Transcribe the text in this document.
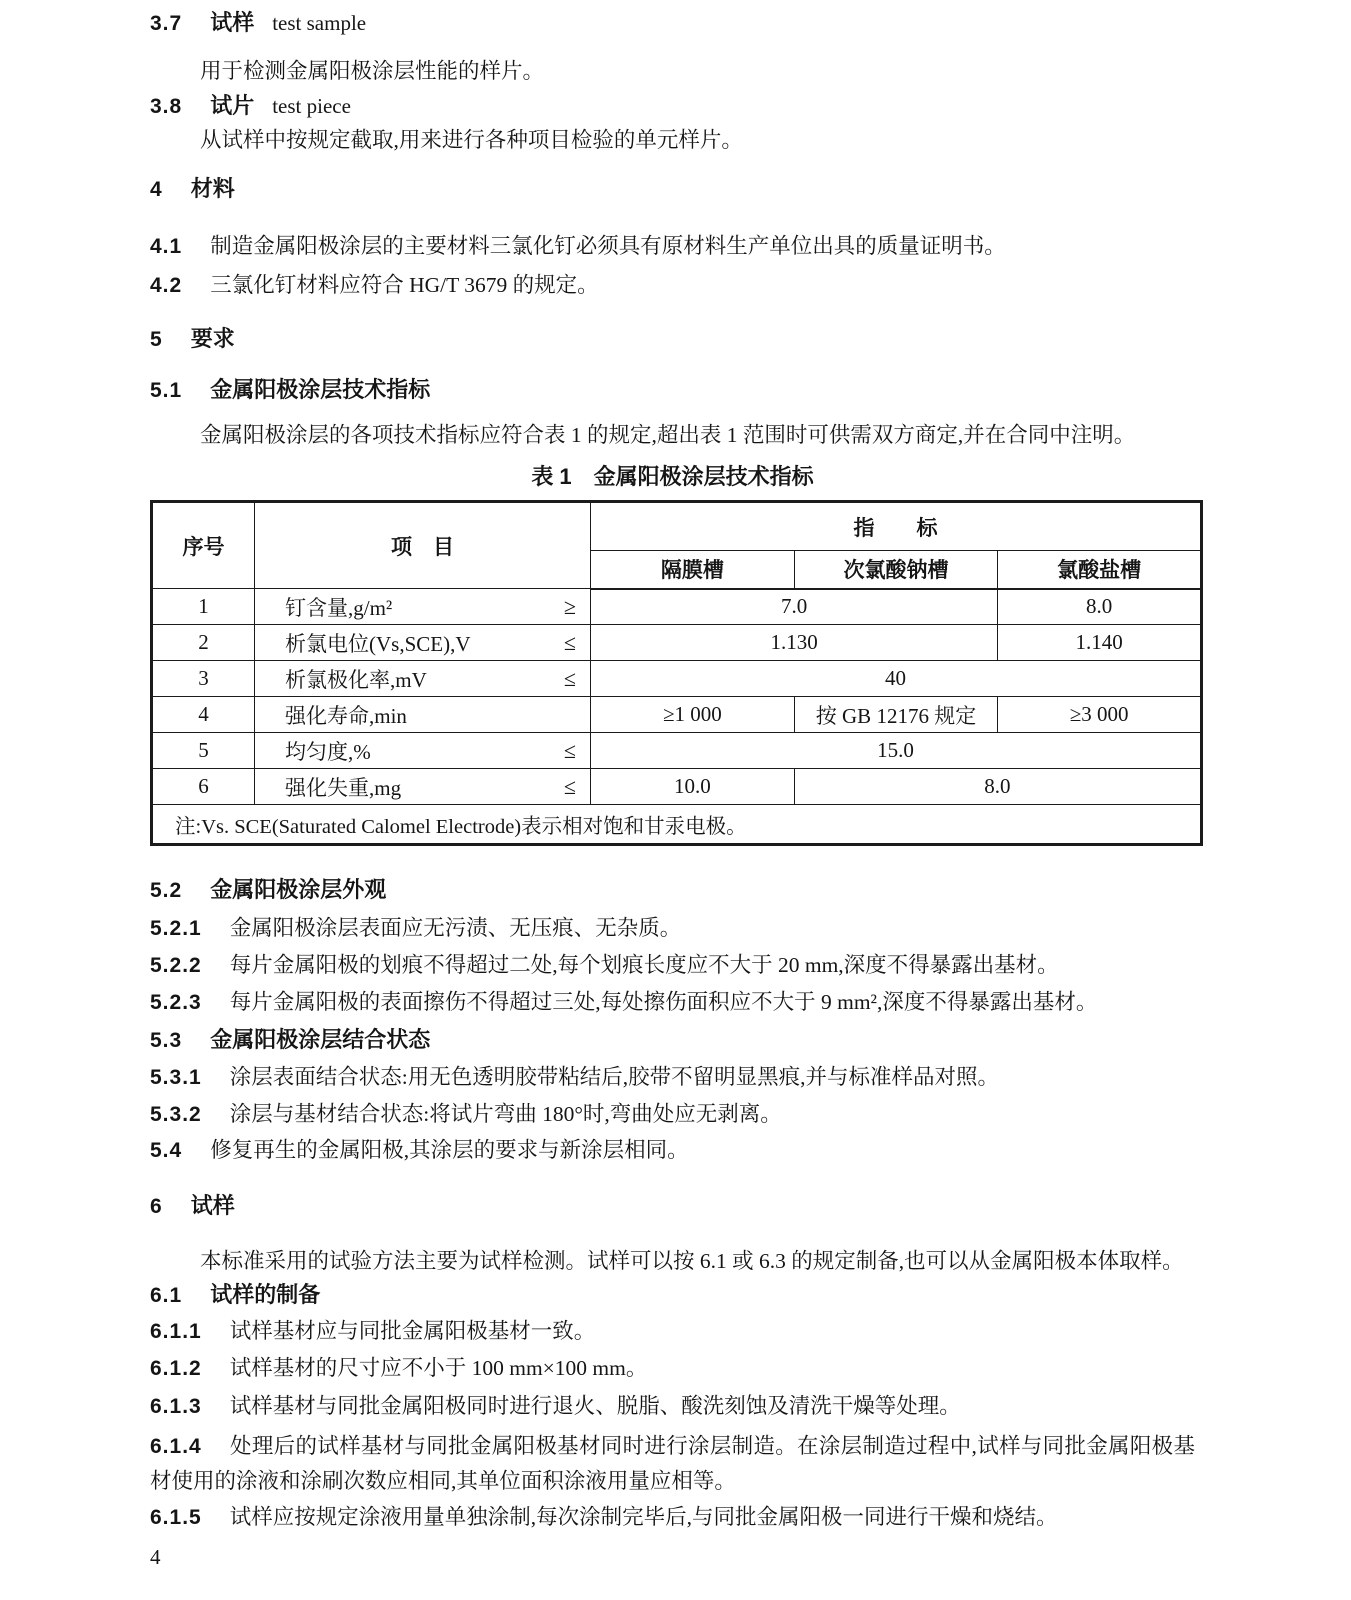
3.7 试样 test sample
用于检测金属阳极涂层性能的样片。
3.8 试片 test piece
从试样中按规定截取,用来进行各种项目检验的单元样片。
4 材料
4.1 制造金属阳极涂层的主要材料三氯化钉必须具有原材料生产单位出具的质量证明书。
4.2 三氯化钉材料应符合 HG/T 3679 的规定。
5 要求
5.1 金属阳极涂层技术指标
金属阳极涂层的各项技术指标应符合表 1 的规定,超出表 1 范围时可供需双方商定,并在合同中注明。
表 1　金属阳极涂层技术指标
序号	项　目	指　　标		
		隔膜槽	次氯酸钠槽	氯酸盐槽
1	钉含量,g/m² ≥	7.0		8.0
2	析氯电位(Vs,SCE),V ≤	1.130		1.140
3	析氯极化率,mV ≤	40		
4	强化寿命,min	≥1 000	按 GB 12176 规定	≥3 000
5	均匀度,% ≤	15.0		
6	强化失重,mg ≤	10.0	8.0	
注:Vs. SCE(Saturated Calomel Electrode)表示相对饱和甘汞电极。				
5.2 金属阳极涂层外观
5.2.1 金属阳极涂层表面应无污渍、无压痕、无杂质。
5.2.2 每片金属阳极的划痕不得超过二处,每个划痕长度应不大于 20 mm,深度不得暴露出基材。
5.2.3 每片金属阳极的表面擦伤不得超过三处,每处擦伤面积应不大于 9 mm²,深度不得暴露出基材。
5.3 金属阳极涂层结合状态
5.3.1 涂层表面结合状态:用无色透明胶带粘结后,胶带不留明显黑痕,并与标准样品对照。
5.3.2 涂层与基材结合状态:将试片弯曲 180°时,弯曲处应无剥离。
5.4 修复再生的金属阳极,其涂层的要求与新涂层相同。
6 试样
本标准采用的试验方法主要为试样检测。试样可以按 6.1 或 6.3 的规定制备,也可以从金属阳极本体取样。
6.1 试样的制备
6.1.1 试样基材应与同批金属阳极基材一致。
6.1.2 试样基材的尺寸应不小于 100 mm×100 mm。
6.1.3 试样基材与同批金属阳极同时进行退火、脱脂、酸洗刻蚀及清洗干燥等处理。
6.1.4 处理后的试样基材与同批金属阳极基材同时进行涂层制造。在涂层制造过程中,试样与同批金属阳极基材使用的涂液和涂刷次数应相同,其单位面积涂液用量应相等。
6.1.5 试样应按规定涂液用量单独涂制,每次涂制完毕后,与同批金属阳极一同进行干燥和烧结。
4
